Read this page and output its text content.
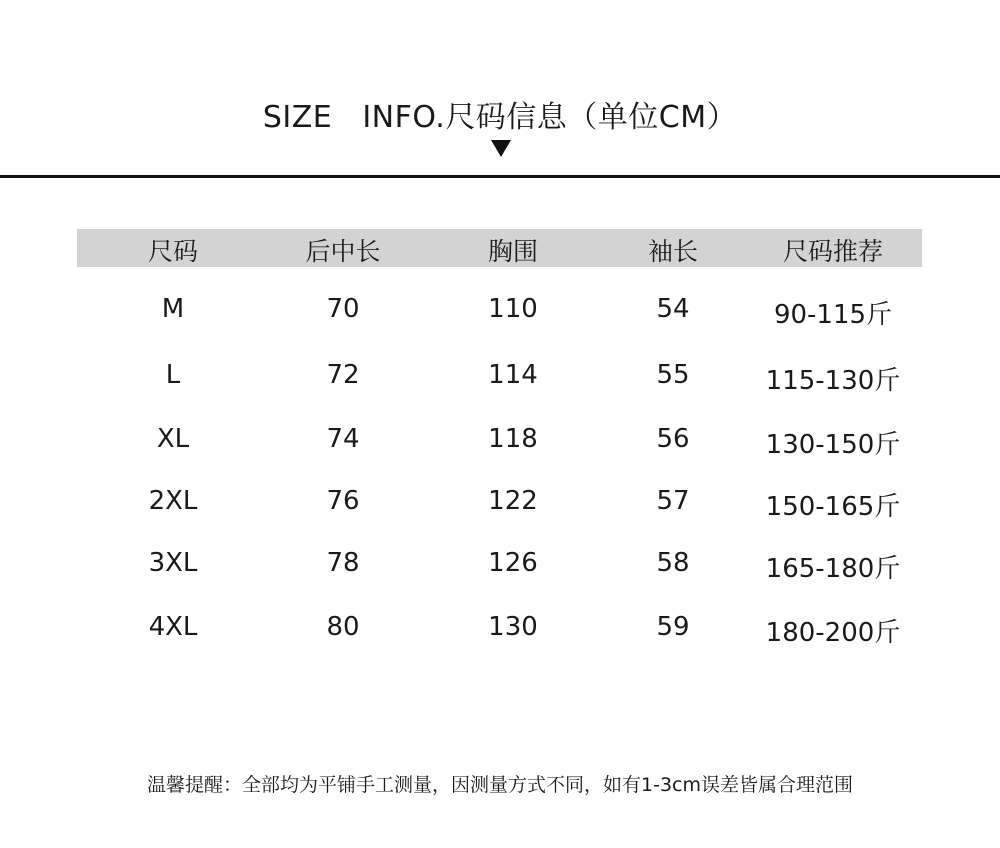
SIZE   INFO.尺码信息（单位CM）
尺码	后中长	胸围	袖长	尺码推荐
M	70	110	54	90-115斤
L	72	114	55	115-130斤
XL	74	118	56	130-150斤
2XL	76	122	57	150-165斤
3XL	78	126	58	165-180斤
4XL	80	130	59	180-200斤
温馨提醒：全部均为平铺手工测量，因测量方式不同，如有1-3cm误差皆属合理范围
